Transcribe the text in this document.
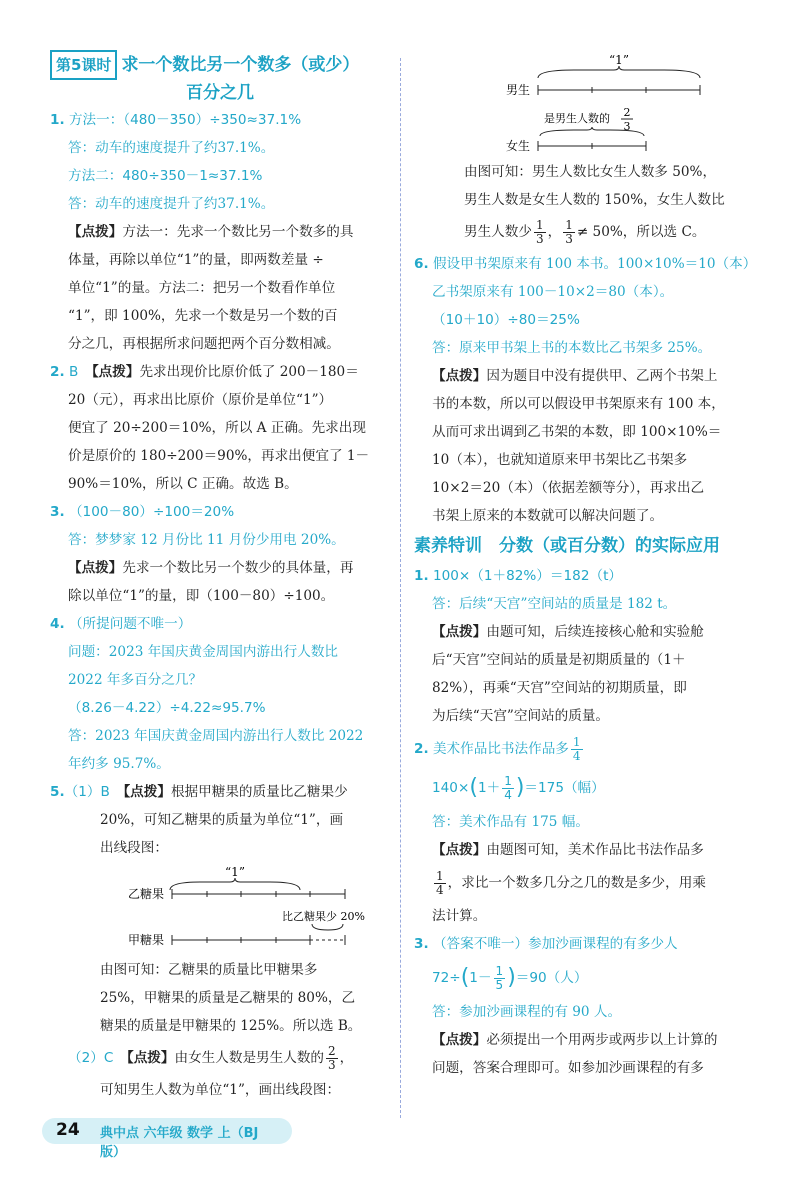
第5课时 求一个数比另一个数多（或少）
百分之几
1. 方法一：（480－350）÷350≈37.1%
答：动车的速度提升了约37.1%。
方法二：480÷350－1≈37.1%
答：动车的速度提升了约37.1%。
【点拨】方法一：先求一个数比另一个数多的具
体量，再除以单位“1”的量，即两数差量 ÷
单位“1”的量。方法二：把另一个数看作单位
“1”，即 100%，先求一个数是另一个数的百
分之几，再根据所求问题把两个百分数相减。
2. B　 【点拨】先求出现价比原价低了 200－180＝
20（元），再求出比原价（原价是单位“1”）
便宜了 20÷200＝10%，所以 A 正确。先求出现
价是原价的 180÷200＝90%，再求出便宜了 1－
90%＝10%，所以 C 正确。故选 B。
3. （100－80）÷100＝20%
答：梦梦家 12 月份比 11 月份少用电 20%。
【点拨】先求一个数比另一个数少的具体量，再
除以单位“1”的量，即（100－80）÷100。
4. （所提问题不唯一）
问题：2023 年国庆黄金周国内游出行人数比
2022 年多百分之几？
（8.26－4.22）÷4.22≈95.7%
答：2023 年国庆黄金周国内游出行人数比 2022
年约多 95.7%。
5.（1）B　 【点拨】根据甲糖果的质量比乙糖果少
20%，可知乙糖果的质量为单位“1”，画
出线段图：
“1”
乙糖果
比乙糖果少 20%
甲糖果
由图可知：乙糖果的质量比甲糖果多
25%，甲糖果的质量是乙糖果的 80%，乙
糖果的质量是甲糖果的 125%。所以选 B。
（2）C　 【点拨】由女生人数是男生人数的 $\frac{2}{3}$ ，
可知男生人数为单位“1”，画出线段图：
“1”
男生
是男生人数的 2
3
女生
由图可知：男生人数比女生人数多 50%，
男生人数是女生人数的 150%，女生人数比
男生人数少 $\frac{1}{3}$ ， $\frac{1}{3} \ne 50\%$，所以选 C。
6. 假设甲书架原来有 100 本书。100×10%＝10（本）
乙书架原来有 100－10×2＝80（本）。
（10＋10）÷80＝25%
答：原来甲书架上书的本数比乙书架多 25%。
【点拨】因为题目中没有提供甲、乙两个书架上
书的本数，所以可以假设甲书架原来有 100 本，
从而可求出调到乙书架的本数，即 100×10%＝
10（本），也就知道原来甲书架比乙书架多
10×2＝20（本）（依据差额等分），再求出乙
书架上原来的本数就可以解决问题了。
素养特训　分数（或百分数）的实际应用
1. 100×（1＋82%）＝182（t）
答：后续“天宫”空间站的质量是 182 t。
【点拨】由题可知，后续连接核心舱和实验舱
后“天宫”空间站的质量是初期质量的（1＋
82%），再乘“天宫”空间站的初期质量，即
为后续“天宫”空间站的质量。
2. 美术作品比书法作品多 $\frac{1}{4}$
$140\times(1+ \frac{1}{4} )=175$（幅）
答：美术作品有 175 幅。
【点拨】由题图可知，美术作品比书法作品多
$\frac{1}{4}$ ，求比一个数多几分之几的数是多少，用乘
法计算。
3. （答案不唯一）参加沙画课程的有多少人
$72\div(1- \frac{1}{5} )=90$（人）
答：参加沙画课程的有 90 人。
【点拨】必须提出一个用两步或两步以上计算的
问题，答案合理即可。如参加沙画课程的有多
24 典中点 六年级 数学 上（BJ 版）
